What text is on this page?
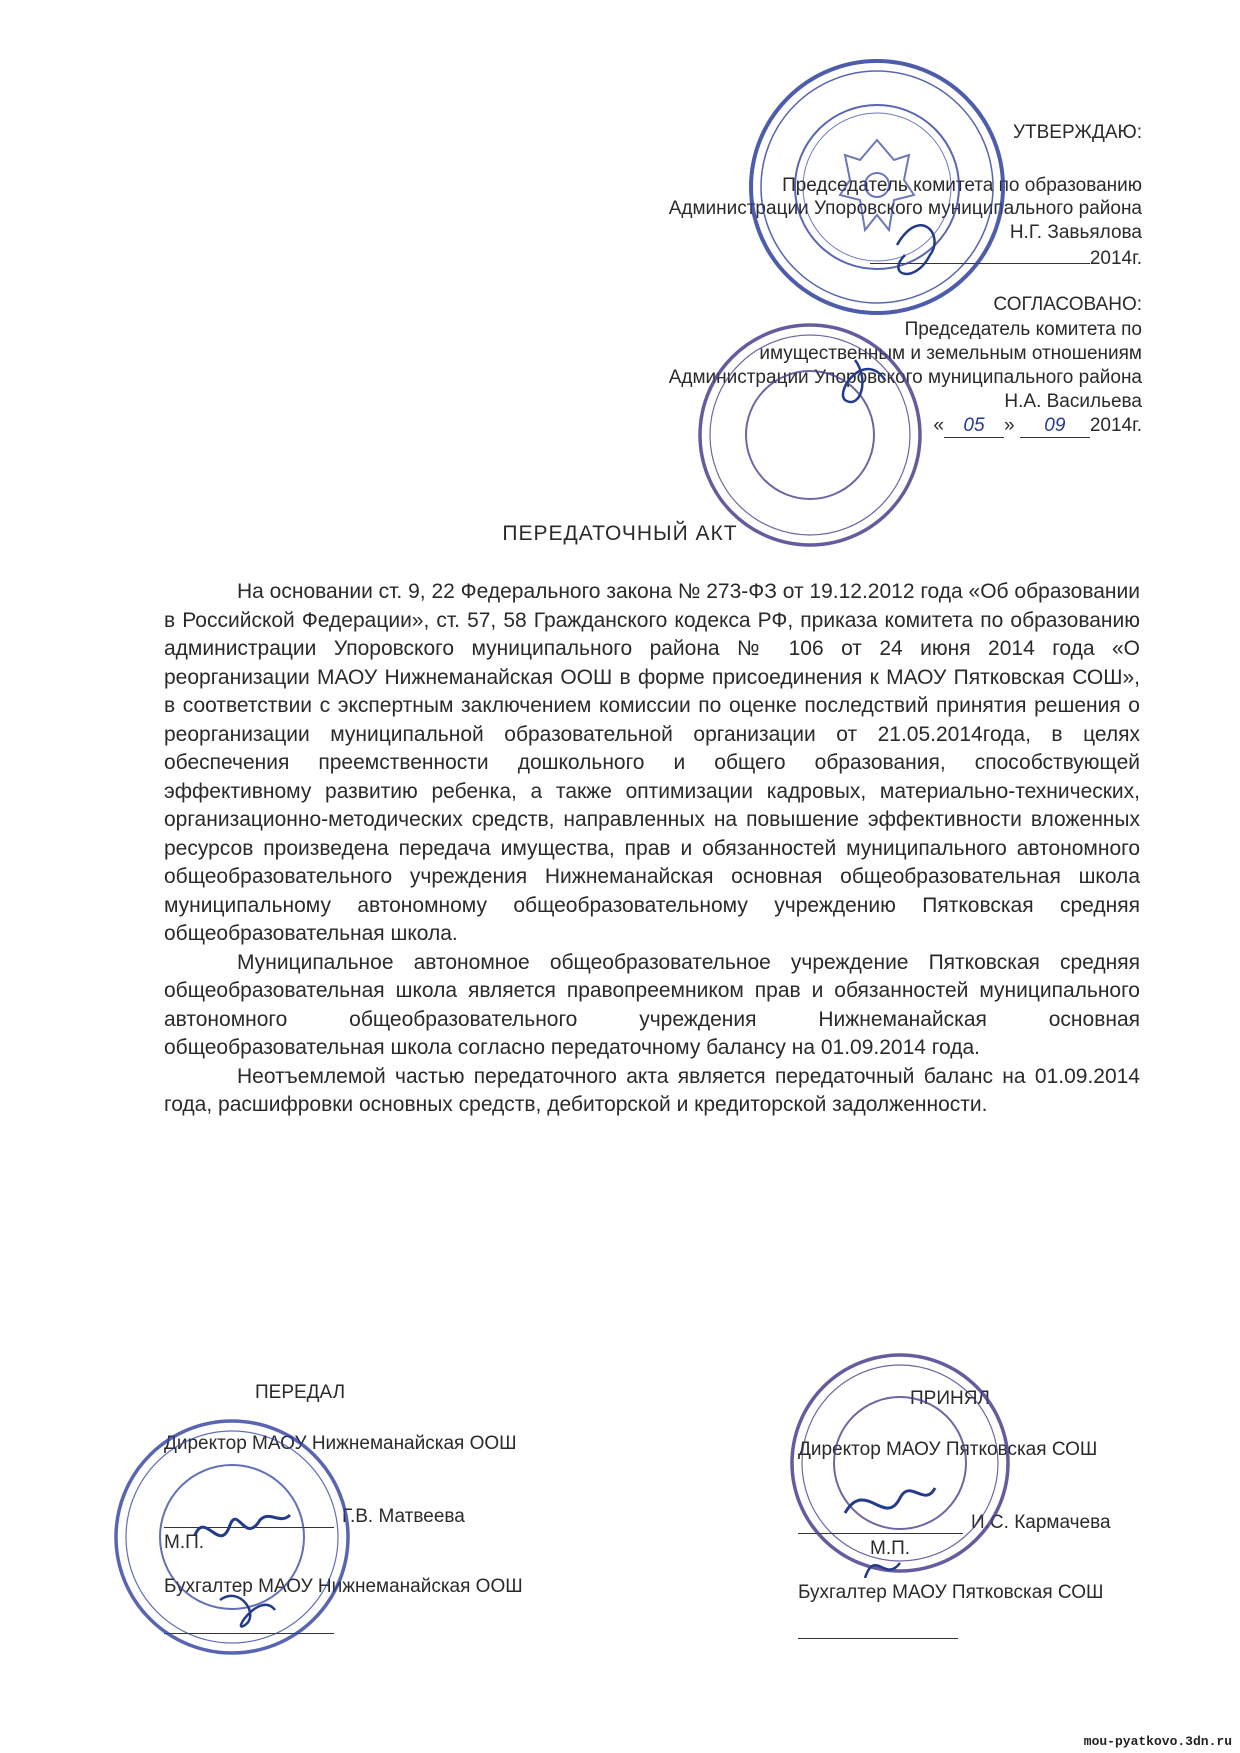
УТВЕРЖДАЮ:
Председатель комитета по образованию
Администрации Упоровского муниципального района
Н.Г. Завьялова
2014г.
СОГЛАСОВАНО:
Председатель комитета по
имущественным и земельным отношениям
Администрации Упоровского муниципального района
Н.А. Васильева
« 05 » 09 2014г.
ПЕРЕДАТОЧНЫЙ АКТ

На основании ст. 9, 22 Федерального закона № 273-ФЗ от 19.12.2012 года «Об образовании в Российской Федерации», ст. 57, 58 Гражданского кодекса РФ, приказа комитета по образованию администрации Упоровского муниципального района № 106 от 24 июня 2014 года «О реорганизации МАОУ Нижнеманайская ООШ в форме присоединения к МАОУ Пятковская СОШ», в соответствии с экспертным заключением комиссии по оценке последствий принятия решения о реорганизации муниципальной образовательной организации от 21.05.2014года, в целях обеспечения преемственности дошкольного и общего образования, способствующей эффективному развитию ребенка, а также оптимизации кадровых, материально-технических, организационно-методических средств, направленных на повышение эффективности вложенных ресурсов произведена передача имущества, прав и обязанностей муниципального автономного общеобразовательного учреждения Нижнеманайская основная общеобразовательная школа муниципальному автономному общеобразовательному учреждению Пятковская средняя общеобразовательная школа.

Муниципальное автономное общеобразовательное учреждение Пятковская средняя общеобразовательная школа является правопреемником прав и обязанностей муниципального автономного общеобразовательного учреждения Нижнеманайская основная общеобразовательная школа согласно передаточному балансу на 01.09.2014 года.

Неотъемлемой частью передаточного акта является передаточный баланс на 01.09.2014 года, расшифровки основных средств, дебиторской и кредиторской задолженности.

ПЕРЕДАЛ
Директор МАОУ Нижнеманайская ООШ
Г.В. Матвеева
М.П.
Бухгалтер МАОУ Нижнеманайская ООШ
ПРИНЯЛ
Директор МАОУ Пятковская СОШ
И.С. Кармачева
М.П.
Бухгалтер МАОУ Пятковская СОШ
mou-pyatkovo.3dn.ru
